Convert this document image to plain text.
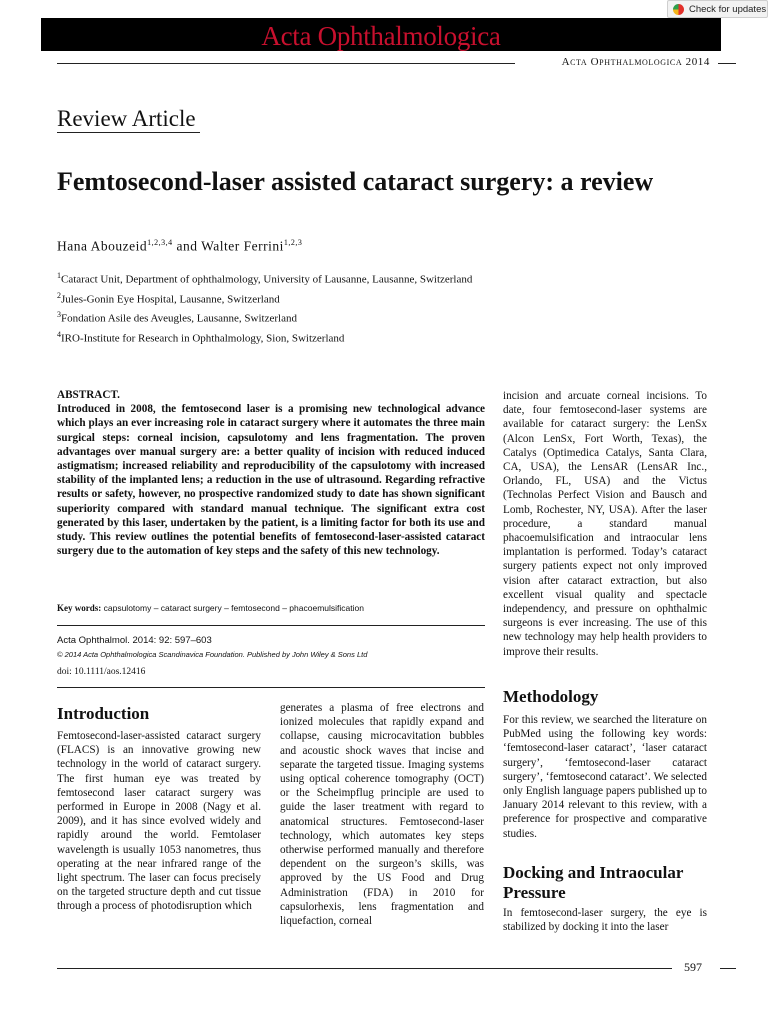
Check for updates
Acta Ophthalmologica
Acta Ophthalmologica 2014
Review Article
Femtosecond-laser assisted cataract surgery: a review
Hana Abouzeid$^{1,2,3,4}$ and Walter Ferrini$^{1,2,3}$
$^1$Cataract Unit, Department of ophthalmology, University of Lausanne, Lausanne, Switzerland
$^2$Jules-Gonin Eye Hospital, Lausanne, Switzerland
$^3$Fondation Asile des Aveugles, Lausanne, Switzerland
$^4$IRO-Institute for Research in Ophthalmology, Sion, Switzerland
ABSTRACT.
Introduced in 2008, the femtosecond laser is a promising new technological advance which plays an ever increasing role in cataract surgery where it automates the three main surgical steps: corneal incision, capsulotomy and lens fragmentation. The proven advantages over manual surgery are: a better quality of incision with reduced induced astigmatism; increased reliability and reproducibility of the capsulotomy with increased stability of the implanted lens; a reduction in the use of ultrasound. Regarding refractive results or safety, however, no prospective randomized study to date has shown significant superiority compared with standard manual technique. The significant extra cost generated by this laser, undertaken by the patient, is a limiting factor for both its use and study. This review outlines the potential benefits of femtosecond-laser-assisted cataract surgery due to the automation of key steps and the safety of this new technology.
Key words: capsulotomy – cataract surgery – femtosecond – phacoemulsification
Acta Ophthalmol. 2014: 92: 597–603
© 2014 Acta Ophthalmologica Scandinavica Foundation. Published by John Wiley & Sons Ltd
doi: 10.1111/aos.12416
Introduction
Femtosecond-laser-assisted cataract surgery (FLACS) is an innovative growing new technology in the world of cataract surgery. The first human eye was treated by femtosecond laser cataract surgery was performed in Europe in 2008 (Nagy et al. 2009), and it has since evolved widely and rapidly around the world. Femtolaser wavelength is usually 1053 nanometres, thus operating at the near infrared range of the light spectrum. The laser can focus precisely on the targeted structure depth and cut tissue through a process of photodisruption which
generates a plasma of free electrons and ionized molecules that rapidly expand and collapse, causing microcavitation bubbles and acoustic shock waves that incise and separate the targeted tissue. Imaging systems using optical coherence tomography (OCT) or the Scheimpflug principle are used to guide the laser treatment with regard to anatomical structures. Femtosecond-laser technology, which automates key steps otherwise performed manually and therefore dependent on the surgeon’s skills, was approved by the US Food and Drug Administration (FDA) in 2010 for capsulorhexis, lens fragmentation and liquefaction, corneal
incision and arcuate corneal incisions. To date, four femtosecond-laser systems are available for cataract surgery: the LenSx (Alcon LenSx, Fort Worth, Texas), the Catalys (Optimedica Catalys, Santa Clara, CA, USA), the LensAR (LensAR Inc., Orlando, FL, USA) and the Victus (Technolas Perfect Vision and Bausch and Lomb, Rochester, NY, USA). After the laser procedure, a standard manual phacoemulsification and intraocular lens implantation is performed. Today’s cataract surgery patients expect not only improved vision after cataract extraction, but also excellent visual quality and spectacle independency, and pressure on ophthalmic surgeons is ever increasing. The use of this new technology may help health providers to improve their results.
Methodology
For this review, we searched the literature on PubMed using the following key words: ‘femtosecond-laser cataract’, ‘laser cataract surgery’, ‘femtosecond-laser cataract surgery’, ‘femtosecond cataract’. We selected only English language papers published up to January 2014 relevant to this review, with a preference for prospective and comparative studies.
Docking and Intraocular Pressure
In femtosecond-laser surgery, the eye is stabilized by docking it into the laser
597
